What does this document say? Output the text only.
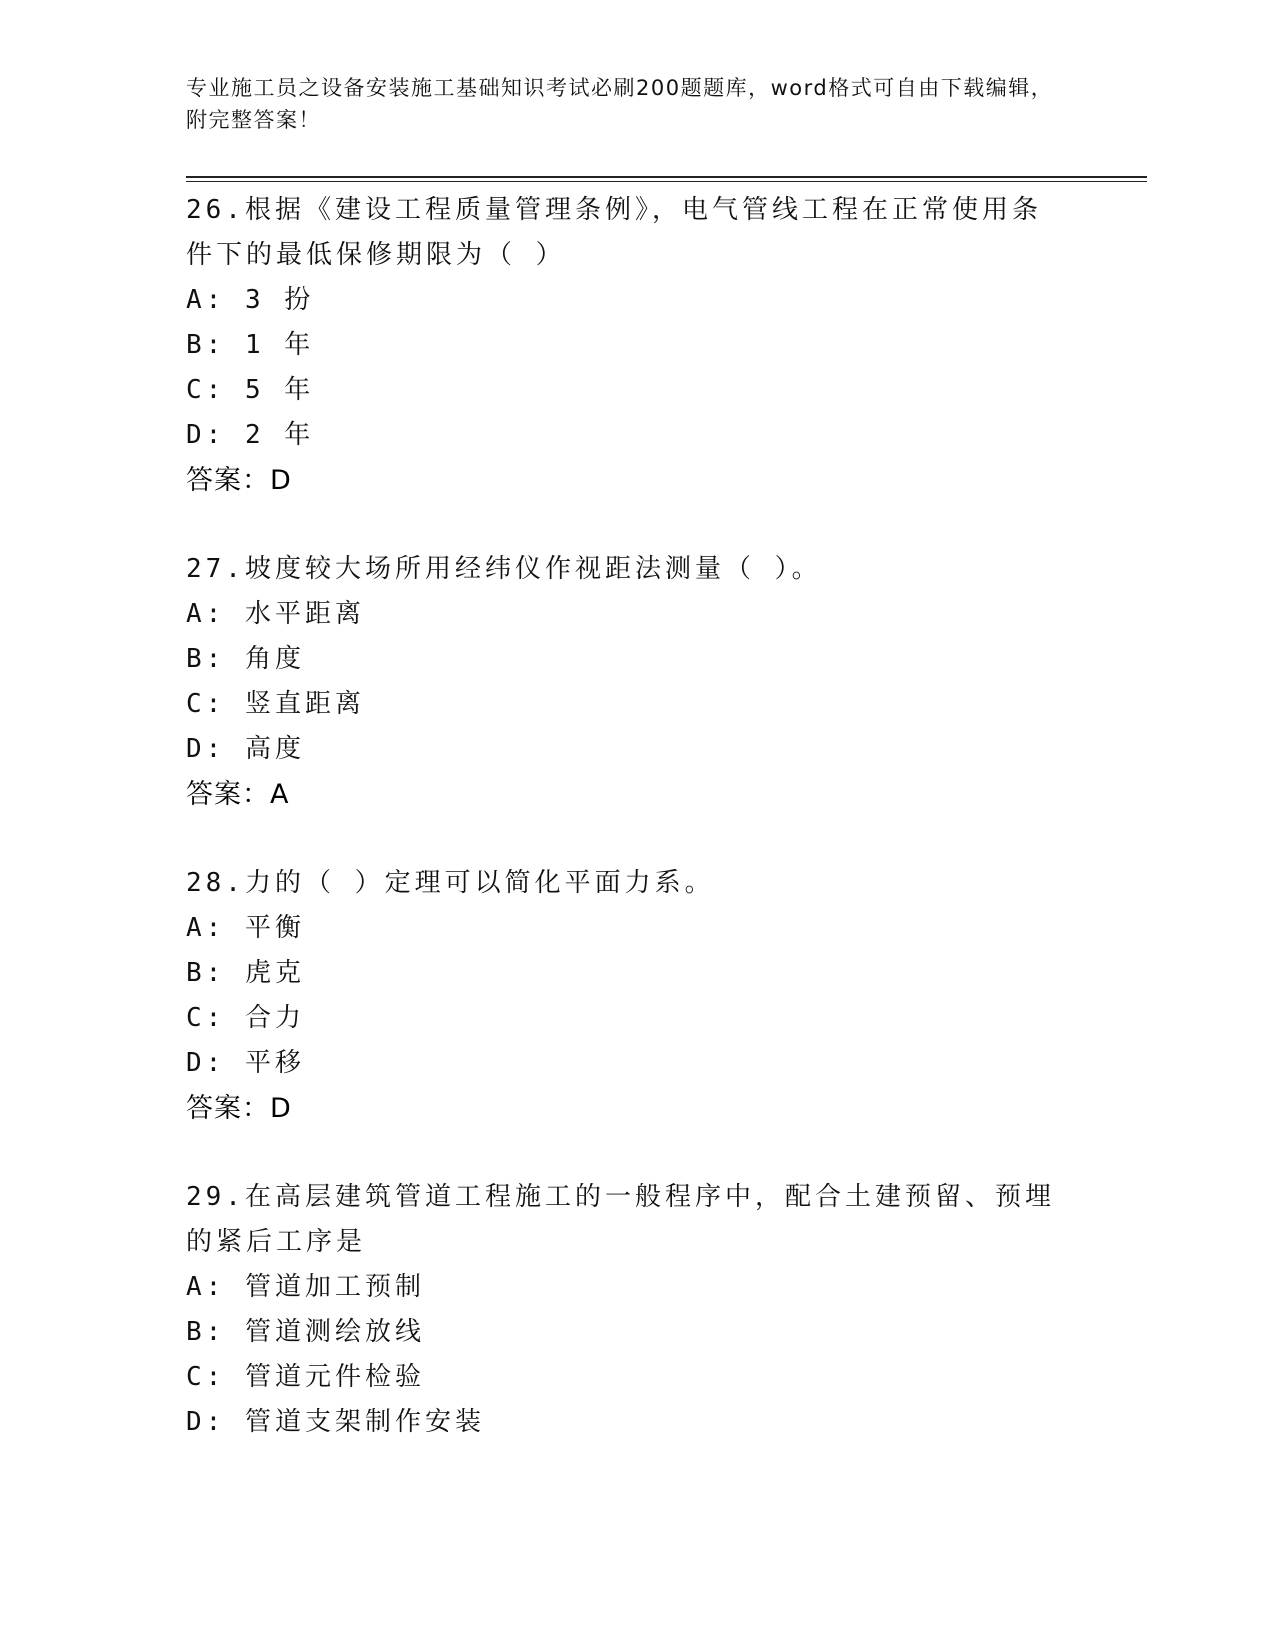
专业施工员之设备安装施工基础知识考试必刷200题题库，word格式可自由下载编辑，附完整答案！

26.根据《建设工程质量管理条例》，电气管线工程在正常使用条件下的最低保修期限为（ ）

A: 3 扮

B: 1 年

C: 5 年

D: 2 年

答案：D

27.坡度较大场所用经纬仪作视距法测量（ ）。

A: 水平距离

B: 角度

C: 竖直距离

D: 高度

答案：A

28.力的（ ）定理可以简化平面力系。

A: 平衡

B: 虎克

C: 合力

D: 平移

答案：D

29.在高层建筑管道工程施工的一般程序中，配合土建预留、预埋的紧后工序是

A: 管道加工预制

B: 管道测绘放线

C: 管道元件检验

D: 管道支架制作安装
